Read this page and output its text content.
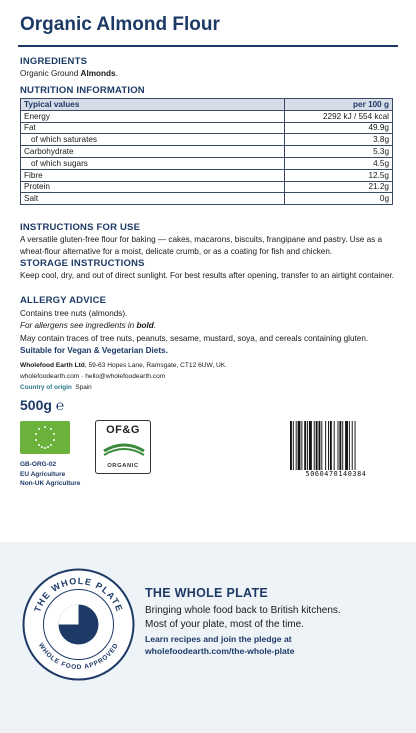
Organic Almond Flour
INGREDIENTS
Organic Ground Almonds.
NUTRITION INFORMATION
Typical values	per 100 g
Energy	2292 kJ / 554 kcal
Fat	49.9g
of which saturates	3.8g
Carbohydrate	5.3g
of which sugars	4.5g
Fibre	12.5g
Protein	21.2g
Salt	0g
INSTRUCTIONS FOR USE
A versatile gluten-free flour for baking — cakes, macarons, biscuits, frangipane and pastry. Use as a wheat-flour alternative for a moist, delicate crumb, or as a coating for fish and chicken.
STORAGE INSTRUCTIONS
Keep cool, dry, and out of direct sunlight. For best results after opening, transfer to an airtight container.
ALLERGY ADVICE
Contains tree nuts (almonds).
For allergens see ingredients in bold.
May contain traces of tree nuts, peanuts, sesame, mustard, soya, and cereals containing gluten.
Suitable for Vegan & Vegetarian Diets.
Wholefood Earth Ltd, 59-63 Hopes Lane, Ramsgate, CT12 6UW, UK.
wholefoodearth.com · hello@wholefoodearth.com
Country of origin Spain
500g ℮
GB-ORG-02
EU Agriculture
Non-UK Agriculture
OF&G
ORGANIC
5060470140384
THE WHOLE PLATE
WHOLE FOOD APPROVED
THE WHOLE PLATE
Bringing whole food back to British kitchens.
Most of your plate, most of the time.
Learn recipes and join the pledge at
wholefoodearth.com/the-whole-plate
